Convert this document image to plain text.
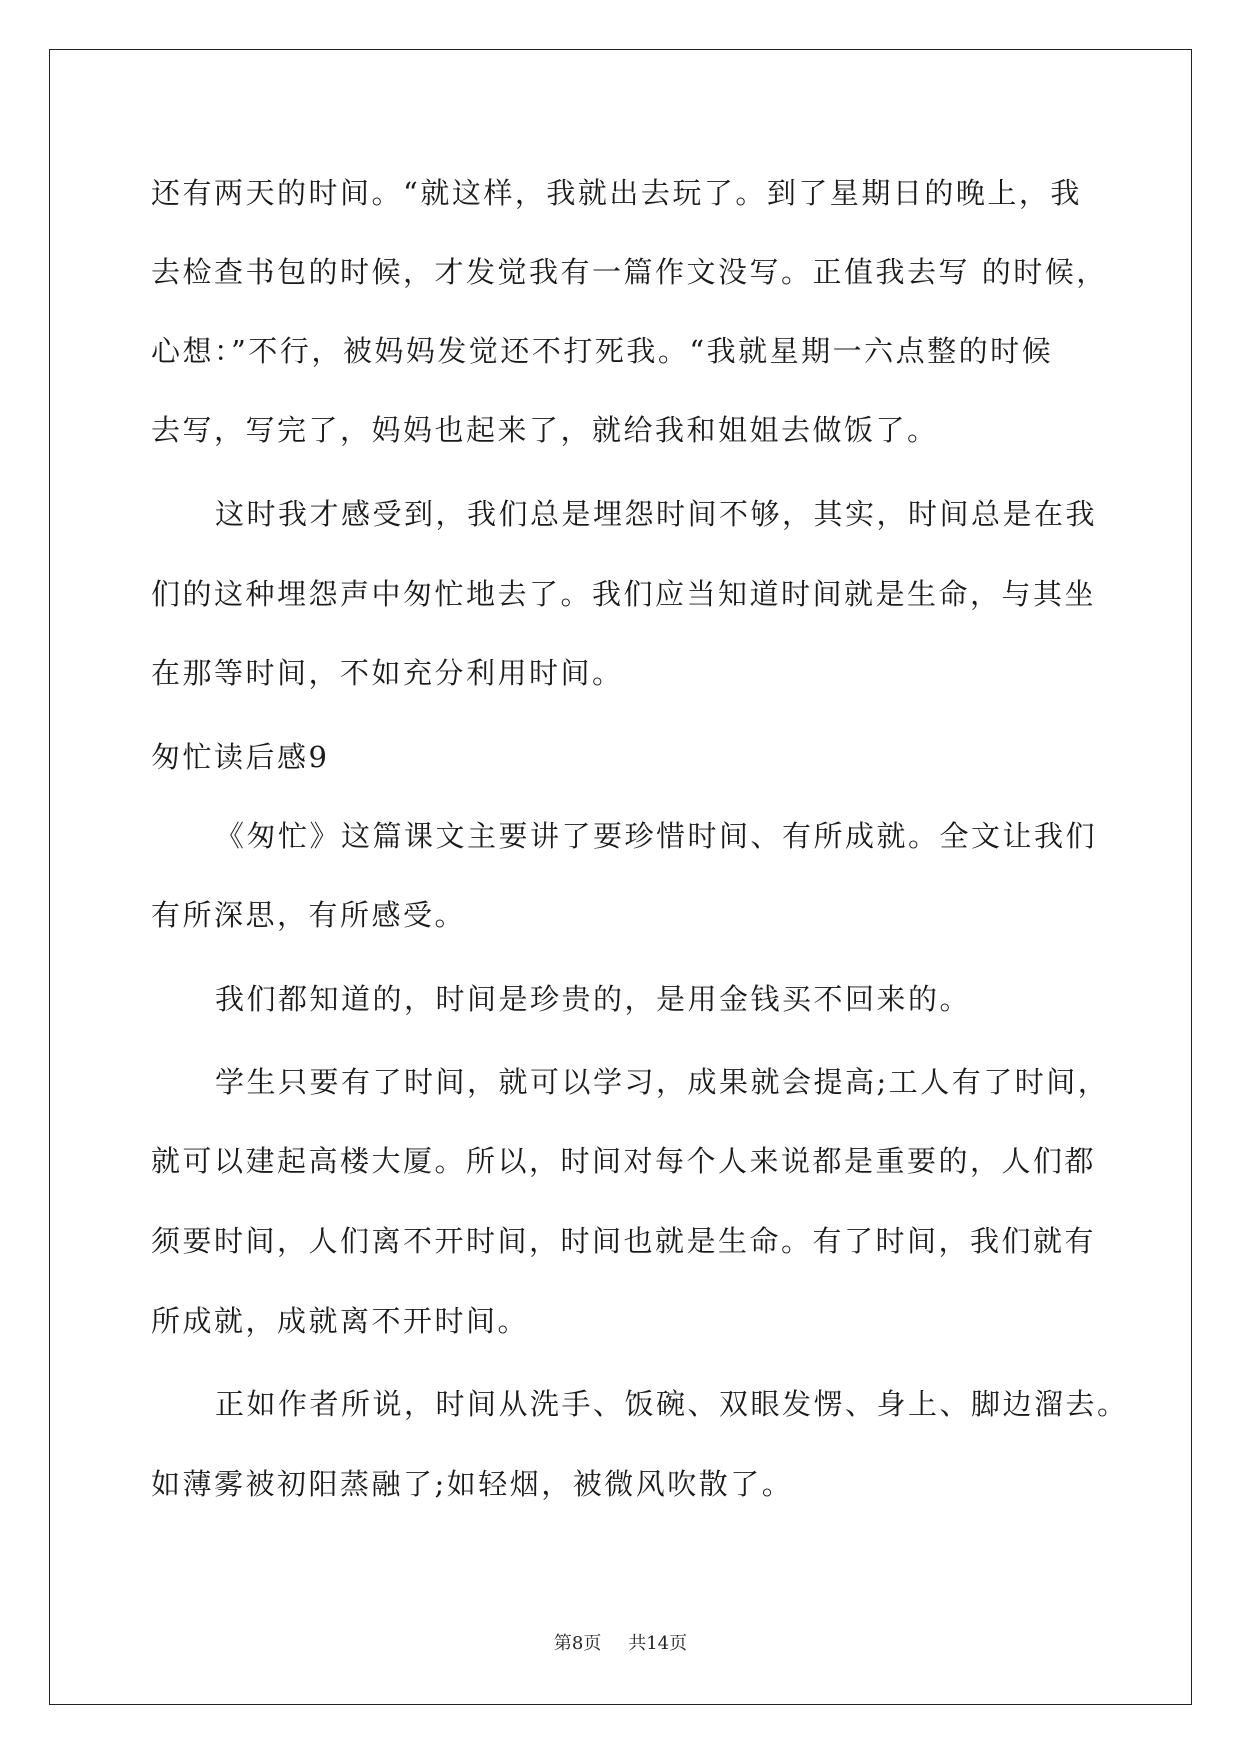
还有两天的时间。“就这样，我就出去玩了。到了星期日的晚上，我
去检查书包的时候，才发觉我有一篇作文没写。正值我去写 的时候，
心想：”不行，被妈妈发觉还不打死我。“我就星期一六点整的时候
去写，写完了，妈妈也起来了，就给我和姐姐去做饭了。
这时我才感受到，我们总是埋怨时间不够，其实，时间总是在我
们的这种埋怨声中匆忙地去了。我们应当知道时间就是生命，与其坐
在那等时间，不如充分利用时间。
匆忙读后感9
《匆忙》这篇课文主要讲了要珍惜时间、有所成就。全文让我们
有所深思，有所感受。
我们都知道的，时间是珍贵的，是用金钱买不回来的。
学生只要有了时间，就可以学习，成果就会提高;工人有了时间，
就可以建起高楼大厦。所以，时间对每个人来说都是重要的，人们都
须要时间，人们离不开时间，时间也就是生命。有了时间，我们就有
所成就，成就离不开时间。
正如作者所说，时间从洗手、饭碗、双眼发愣、身上、脚边溜去。
如薄雾被初阳蒸融了;如轻烟，被微风吹散了。
第8页 共14页
